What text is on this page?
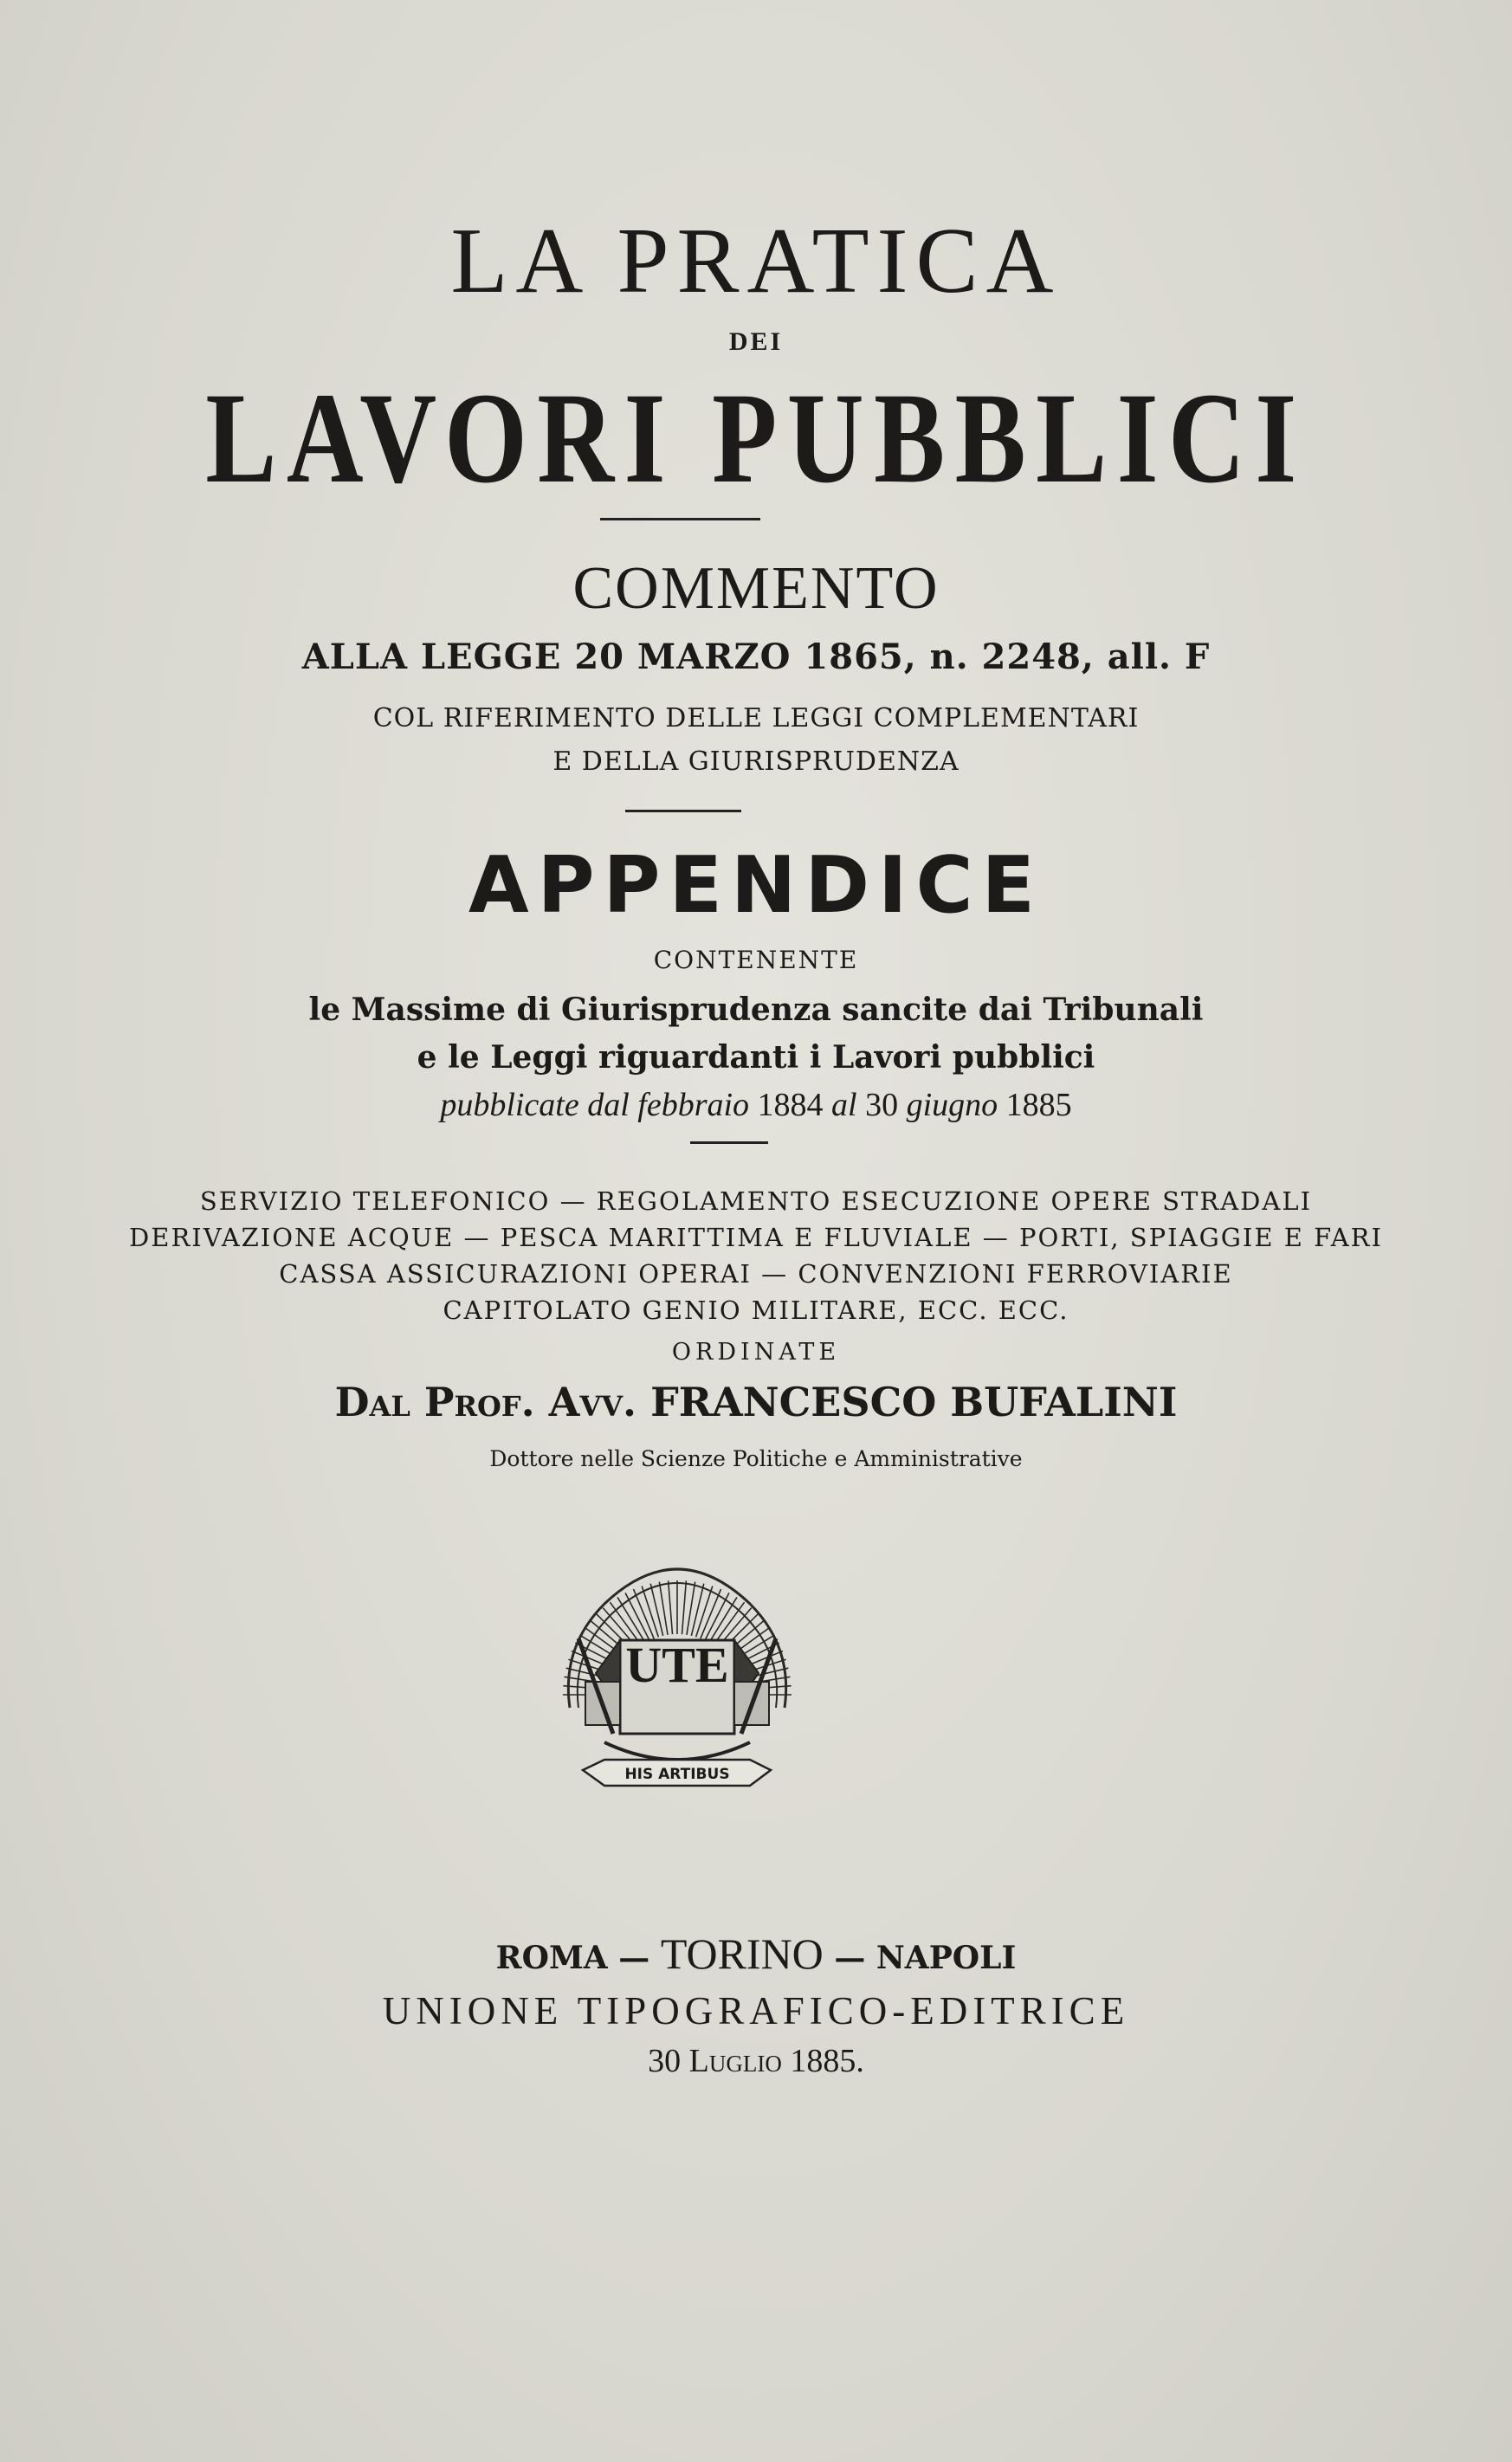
LA PRATICA
DEI
LAVORI PUBBLICI
COMMENTO
ALLA LEGGE 20 MARZO 1865, n. 2248, all. F
COL RIFERIMENTO DELLE LEGGI COMPLEMENTARI
E DELLA GIURISPRUDENZA
APPENDICE
CONTENENTE
le Massime di Giurisprudenza sancite dai Tribunali
e le Leggi riguardanti i Lavori pubblici
pubblicate dal febbraio 1884 al 30 giugno 1885
SERVIZIO TELEFONICO — REGOLAMENTO ESECUZIONE OPERE STRADALI
DERIVAZIONE ACQUE — PESCA MARITTIMA E FLUVIALE — PORTI, SPIAGGIE E FARI
CASSA ASSICURAZIONI OPERAI — CONVENZIONI FERROVIARIE
CAPITOLATO GENIO MILITARE, ECC. ECC.
ORDINATE
Dal Prof. Avv. FRANCESCO BUFALINI
Dottore nelle Scienze Politiche e Amministrative
UTE
HIS ARTIBUS
ROMA — TORINO — NAPOLI
UNIONE TIPOGRAFICO-EDITRICE
30 Luglio 1885.
